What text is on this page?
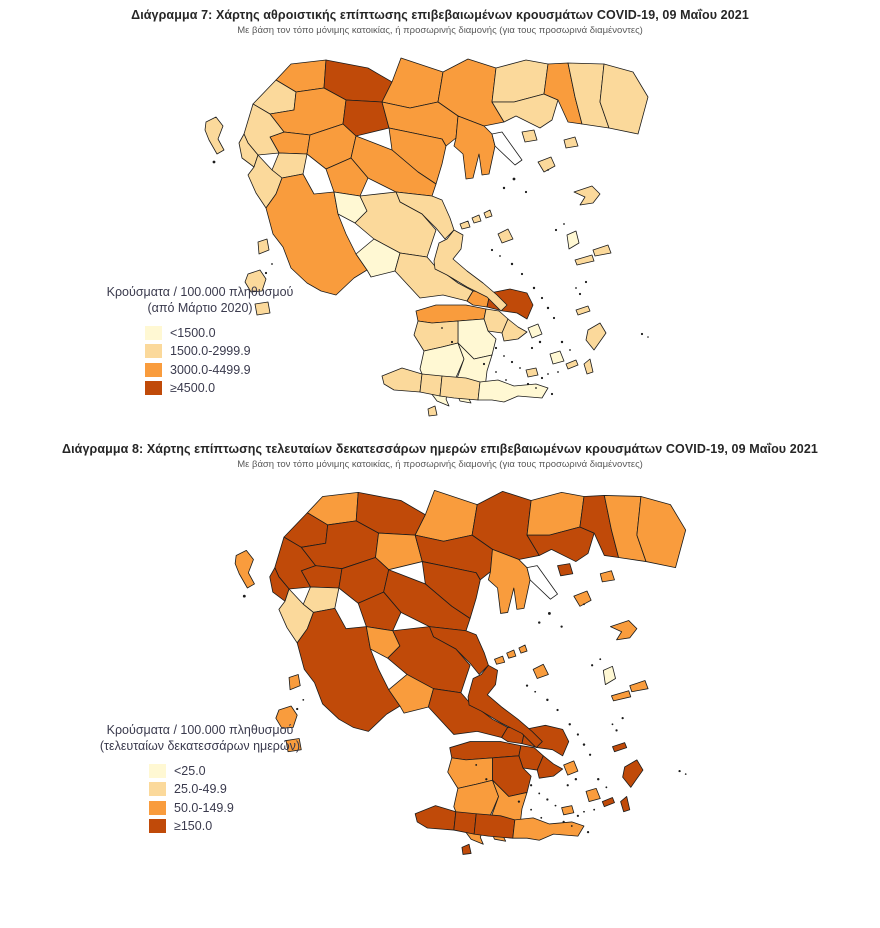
Διάγραμμα 7: Χάρτης αθροιστικής επίπτωσης επιβεβαιωμένων κρουσμάτων COVID-19, 09 Μαΐου 2021
Με βάση τον τόπο μόνιμης κατοικίας, ή προσωρινής διαμονής (για τους προσωρινά διαμένοντες)
Κρούσματα / 100.000 πληθυσμού
(από Μάρτιο 2020)
<1500.0
1500.0-2999.9
3000.0-4499.9
≥4500.0
Διάγραμμα 8: Χάρτης επίπτωσης τελευταίων δεκατεσσάρων ημερών επιβεβαιωμένων κρουσμάτων COVID-19, 09 Μαΐου 2021
Με βάση τον τόπο μόνιμης κατοικίας, ή προσωρινής διαμονής (για τους προσωρινά διαμένοντες)
Κρούσματα / 100.000 πληθυσμού
(τελευταίων δεκατεσσάρων ημερών)
<25.0
25.0-49.9
50.0-149.9
≥150.0
